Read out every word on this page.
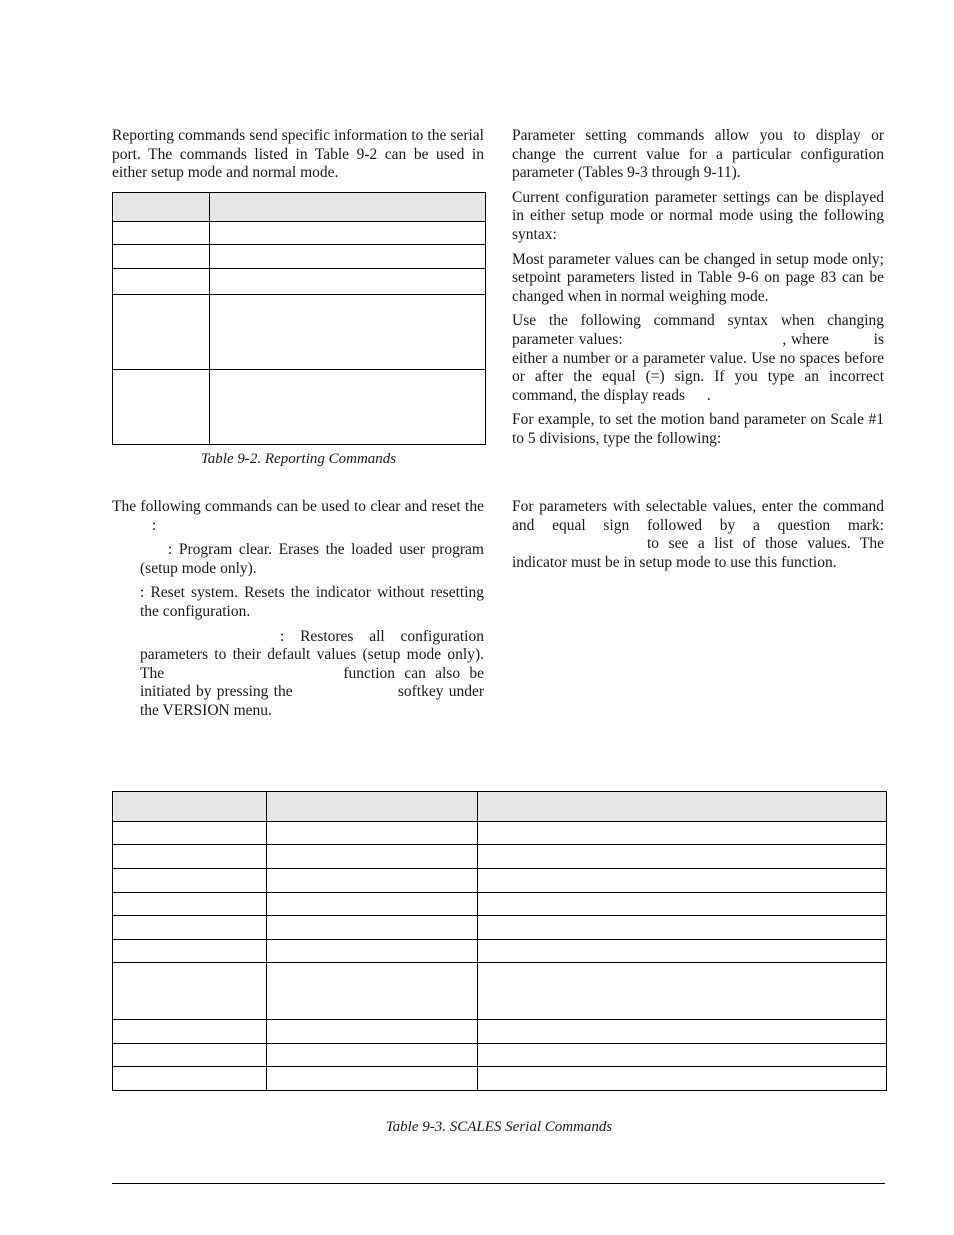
Reporting commands send specific information to the serial port. The commands listed in Table 9-2 can be used in either setup mode and normal mode.

Table 9-2. Reporting Commands

The following commands can be used to clear and reset the :

: Program clear. Erases the loaded user program (setup mode only).

: Reset system. Resets the indicator without resetting the configuration.

: Restores all configuration parameters to their default values (setup mode only). The	function can also be initiated by pressing the	softkey under the VERSION menu.

Parameter setting commands allow you to display or change the current value for a particular configuration parameter (Tables 9-3 through 9-11).

Current configuration parameter settings can be displayed in either setup mode or normal mode using the following syntax:

Most parameter values can be changed in setup mode only; setpoint parameters listed in Table 9-6 on page 83 can be changed when in normal weighing mode.

Use the following command syntax when changing parameter values:	, where	is either a number or a parameter value. Use no spaces before or after the equal (=) sign. If you type an incorrect command, the display reads .

For example, to set the motion band parameter on Scale #1 to 5 divisions, type the following:

For parameters with selectable values, enter the command and equal sign followed by a question mark: to see a list of those values. The indicator must be in setup mode to use this function.

Table 9-3. SCALES Serial Commands
